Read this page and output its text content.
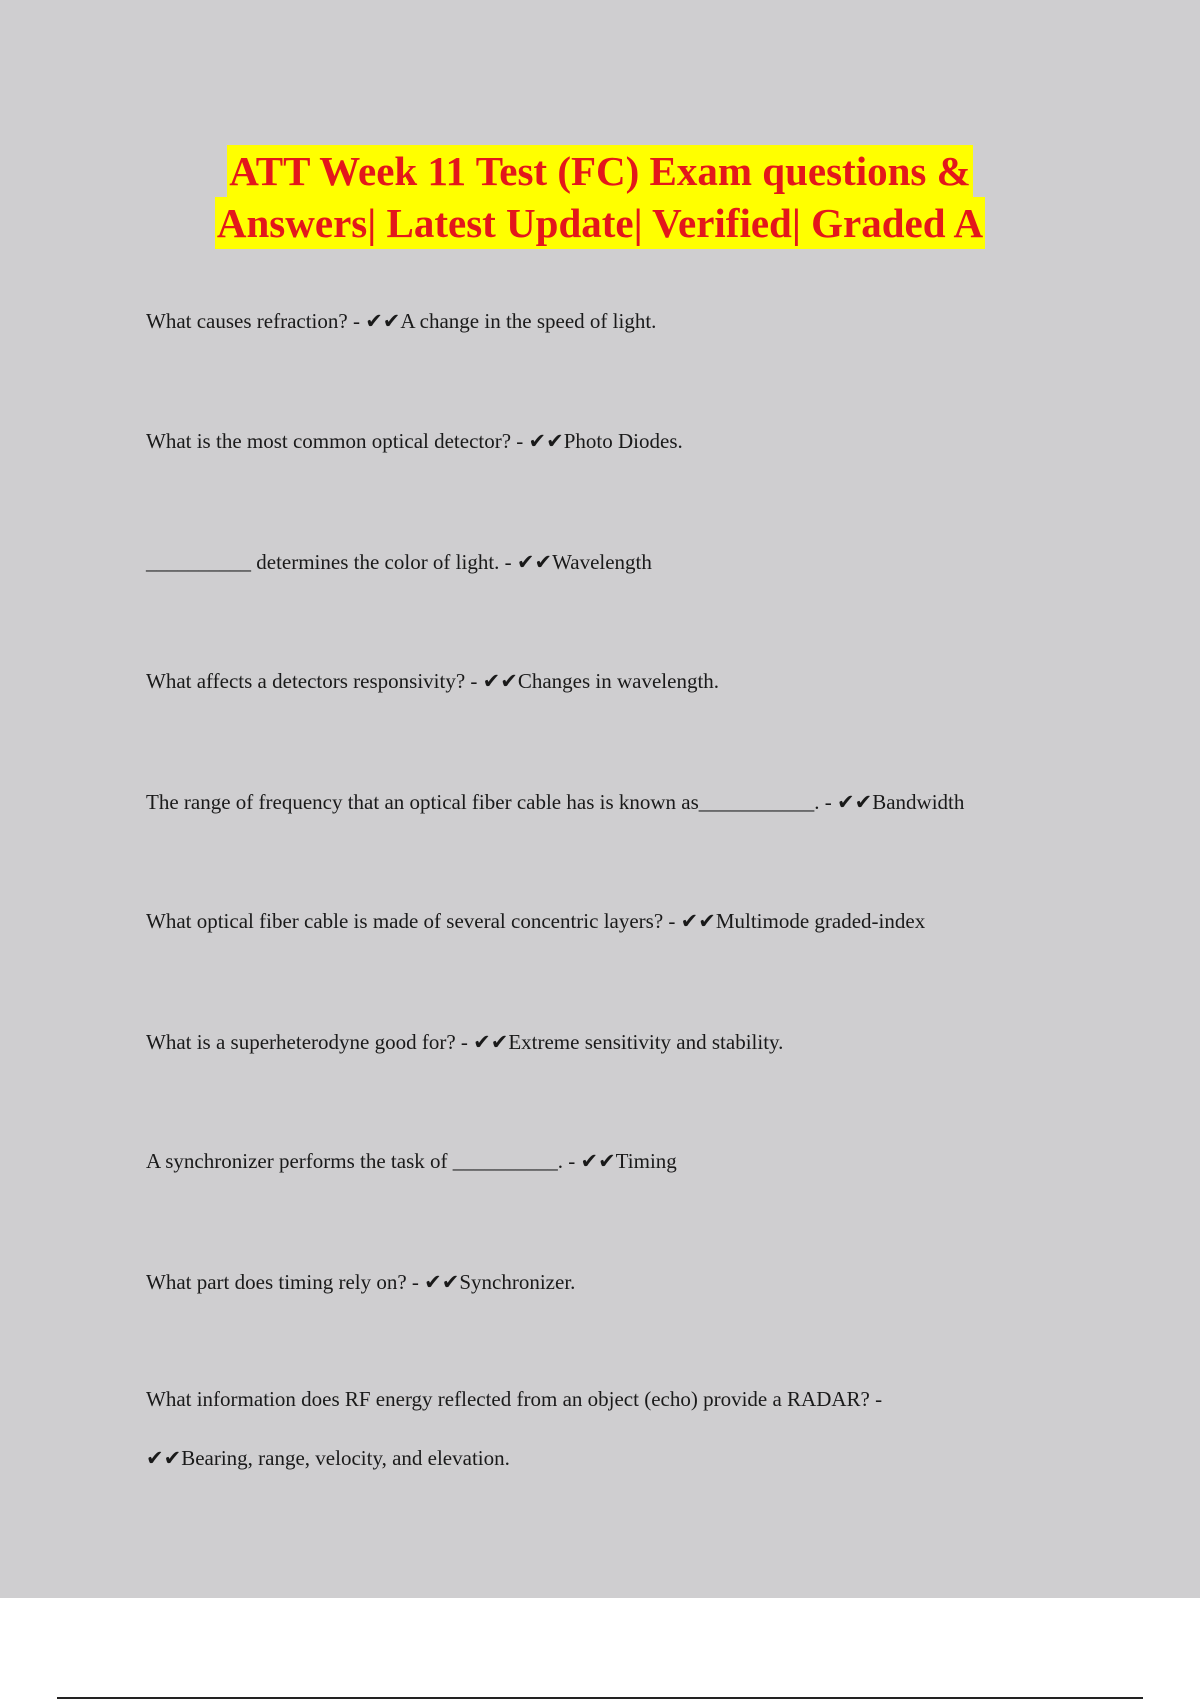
ATT Week 11 Test (FC) Exam questions &
Answers| Latest Update| Verified| Graded A
What causes refraction? - ✔✔A change in the speed of light.
What is the most common optical detector? - ✔✔Photo Diodes.
__________ determines the color of light. - ✔✔Wavelength
What affects a detectors responsivity? - ✔✔Changes in wavelength.
The range of frequency that an optical fiber cable has is known as___________. - ✔✔Bandwidth
What optical fiber cable is made of several concentric layers? - ✔✔Multimode graded-index
What is a superheterodyne good for? - ✔✔Extreme sensitivity and stability.
A synchronizer performs the task of __________. - ✔✔Timing
What part does timing rely on? - ✔✔Synchronizer.
What information does RF energy reflected from an object (echo) provide a RADAR? -
✔✔Bearing, range, velocity, and elevation.
